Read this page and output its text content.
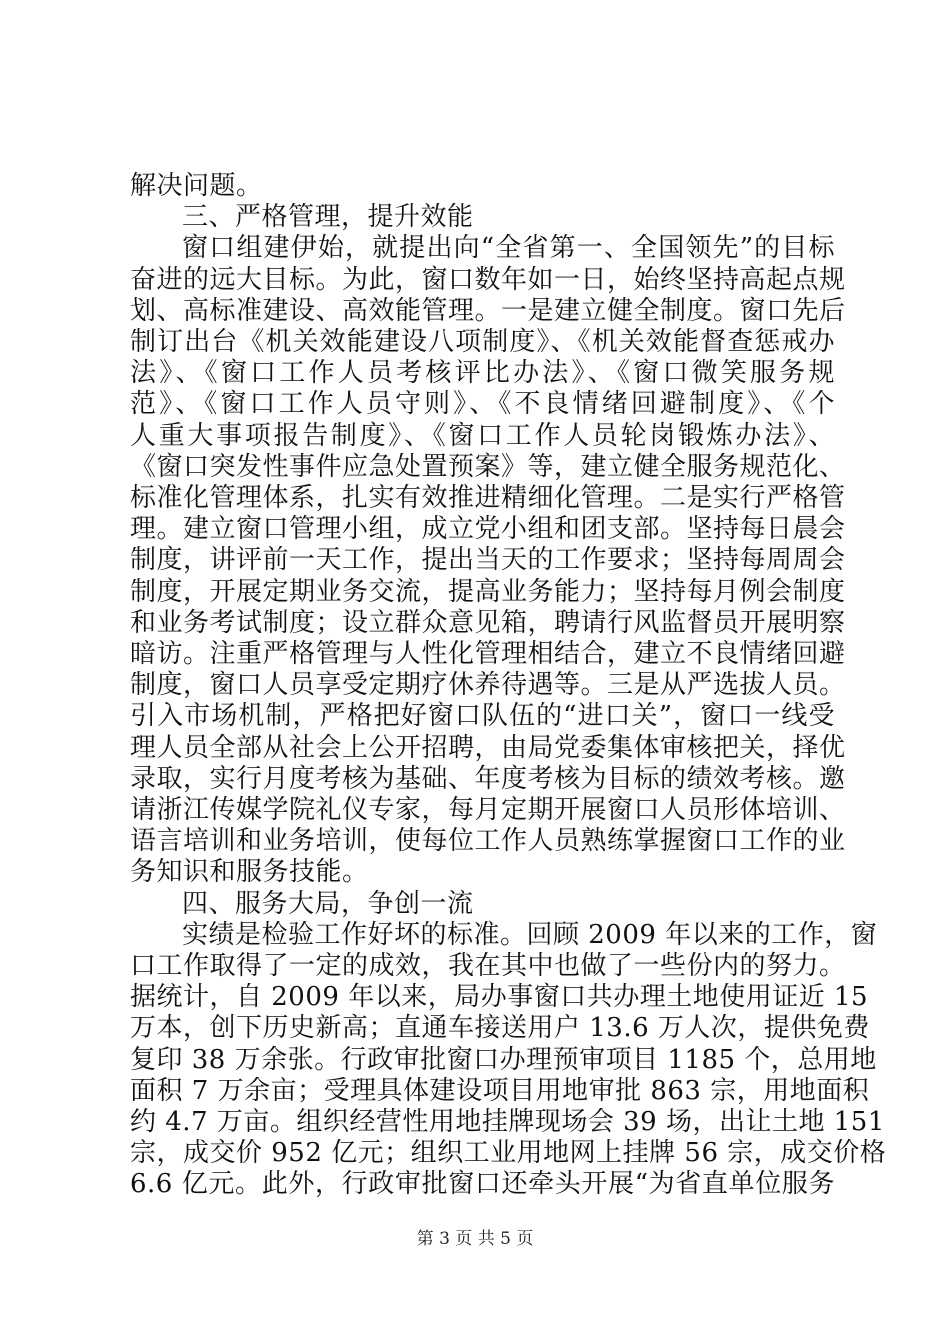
解决问题。
三、严格管理，提升效能
窗口组建伊始，就提出向“全省第一、全国领先”的目标
奋进的远大目标。为此，窗口数年如一日，始终坚持高起点规
划、高标准建设、高效能管理。一是建立健全制度。窗口先后
制订出台《机关效能建设八项制度》、《机关效能督查惩戒办
法》、《窗口工作人员考核评比办法》、《窗口微笑服务规
范》、《窗口工作人员守则》、《不良情绪回避制度》、《个
人重大事项报告制度》、《窗口工作人员轮岗锻炼办法》、
《窗口突发性事件应急处置预案》等，建立健全服务规范化、
标准化管理体系，扎实有效推进精细化管理。二是实行严格管
理。建立窗口管理小组，成立党小组和团支部。坚持每日晨会
制度，讲评前一天工作，提出当天的工作要求；坚持每周周会
制度，开展定期业务交流，提高业务能力；坚持每月例会制度
和业务考试制度；设立群众意见箱，聘请行风监督员开展明察
暗访。注重严格管理与人性化管理相结合，建立不良情绪回避
制度，窗口人员享受定期疗休养待遇等。三是从严选拔人员。
引入市场机制，严格把好窗口队伍的“进口关”，窗口一线受
理人员全部从社会上公开招聘，由局党委集体审核把关，择优
录取，实行月度考核为基础、年度考核为目标的绩效考核。邀
请浙江传媒学院礼仪专家，每月定期开展窗口人员形体培训、
语言培训和业务培训，使每位工作人员熟练掌握窗口工作的业
务知识和服务技能。
四、服务大局，争创一流
实绩是检验工作好坏的标准。回顾 2009 年以来的工作，窗
口工作取得了一定的成效，我在其中也做了一些份内的努力。
据统计，自 2009 年以来，局办事窗口共办理土地使用证近 15
万本，创下历史新高；直通车接送用户 13.6 万人次，提供免费
复印 38 万余张。行政审批窗口办理预审项目 1185 个，总用地
面积 7 万余亩；受理具体建设项目用地审批 863 宗，用地面积
约 4.7 万亩。组织经营性用地挂牌现场会 39 场，出让土地 151
宗，成交价 952 亿元；组织工业用地网上挂牌 56 宗，成交价格
6.6 亿元。此外，行政审批窗口还牵头开展“为省直单位服务
第 3 页 共 5 页
